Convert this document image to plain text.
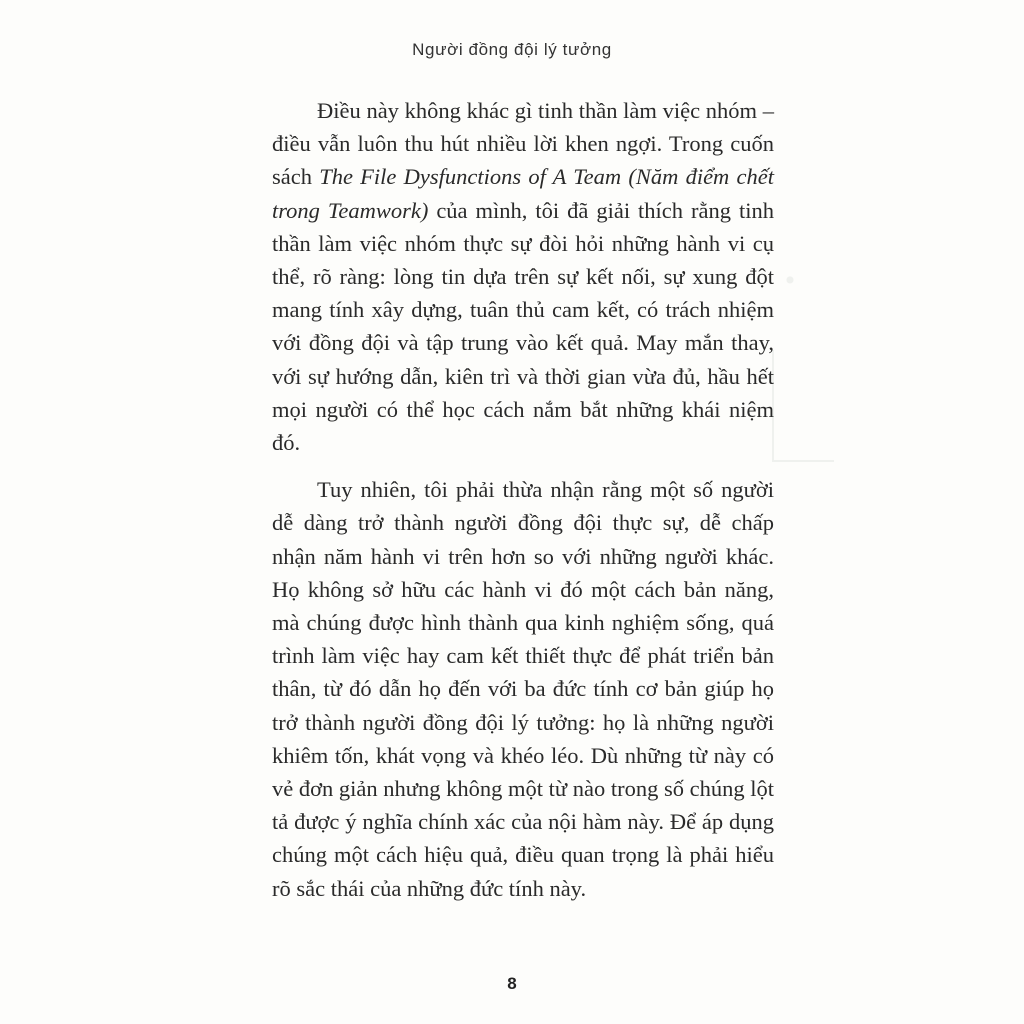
·
Người đồng đội lý tưởng

Điều này không khác gì tinh thần làm việc nhóm – điều vẫn luôn thu hút nhiều lời khen ngợi. Trong cuốn sách The File Dysfunctions of A Team (Năm điểm chết trong Teamwork) của mình, tôi đã giải thích rằng tinh thần làm việc nhóm thực sự đòi hỏi những hành vi cụ thể, rõ ràng: lòng tin dựa trên sự kết nối, sự xung đột mang tính xây dựng, tuân thủ cam kết, có trách nhiệm với đồng đội và tập trung vào kết quả. May mắn thay, với sự hướng dẫn, kiên trì và thời gian vừa đủ, hầu hết mọi người có thể học cách nắm bắt những khái niệm đó.

Tuy nhiên, tôi phải thừa nhận rằng một số người dễ dàng trở thành người đồng đội thực sự, dễ chấp nhận năm hành vi trên hơn so với những người khác. Họ không sở hữu các hành vi đó một cách bản năng, mà chúng được hình thành qua kinh nghiệm sống, quá trình làm việc hay cam kết thiết thực để phát triển bản thân, từ đó dẫn họ đến với ba đức tính cơ bản giúp họ trở thành người đồng đội lý tưởng: họ là những người khiêm tốn, khát vọng và khéo léo. Dù những từ này có vẻ đơn giản nhưng không một từ nào trong số chúng lột tả được ý nghĩa chính xác của nội hàm này. Để áp dụng chúng một cách hiệu quả, điều quan trọng là phải hiểu rõ sắc thái của những đức tính này.

8
